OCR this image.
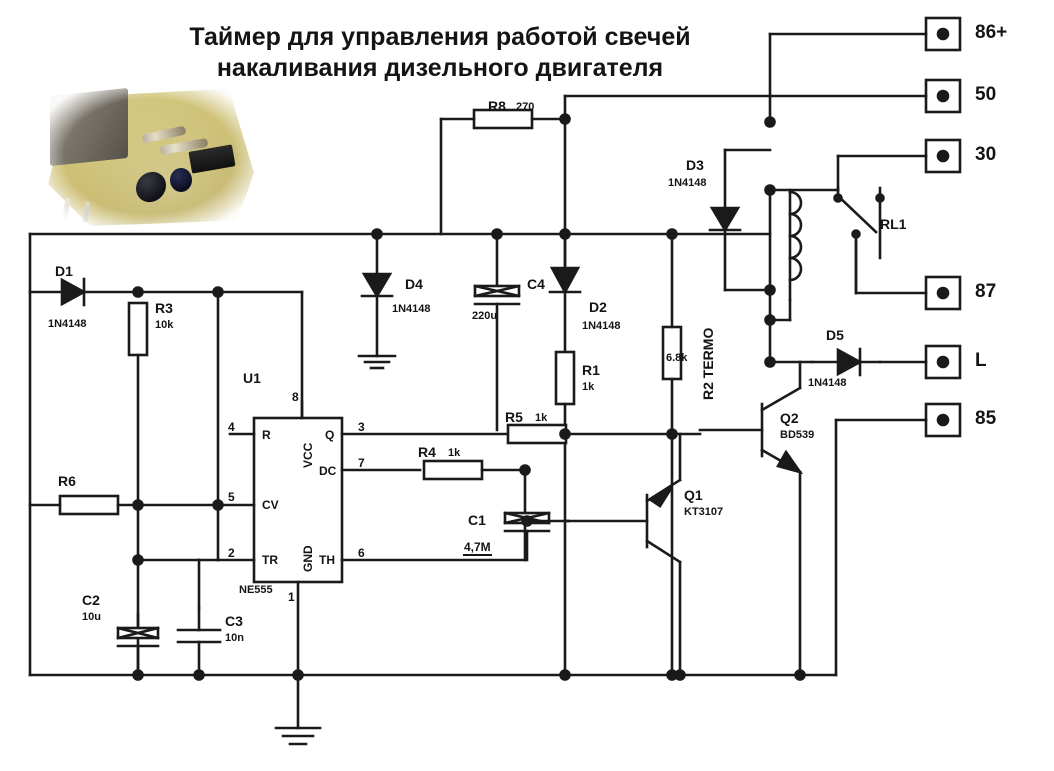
Таймер для управления работой свечей
накаливания дизельного двигателя
86+
50
30
87
L
85
R8 270
D3
1N4148
R2 TERMO
6.8k
RL1
D5
1N4148
Q2
BD539
Q1
KT3107
D4
1N4148
C4
220u
D2
1N4148
R1
1k
D1
1N4148
R3
10k
R6
C2
10u	C3
10n
U1
NE555
C1
4,7M
R5 1k
R4 1k
8
VCC
4
R
3
Q
7
DC
5
CV
2 TR	6
TH
1
GND
